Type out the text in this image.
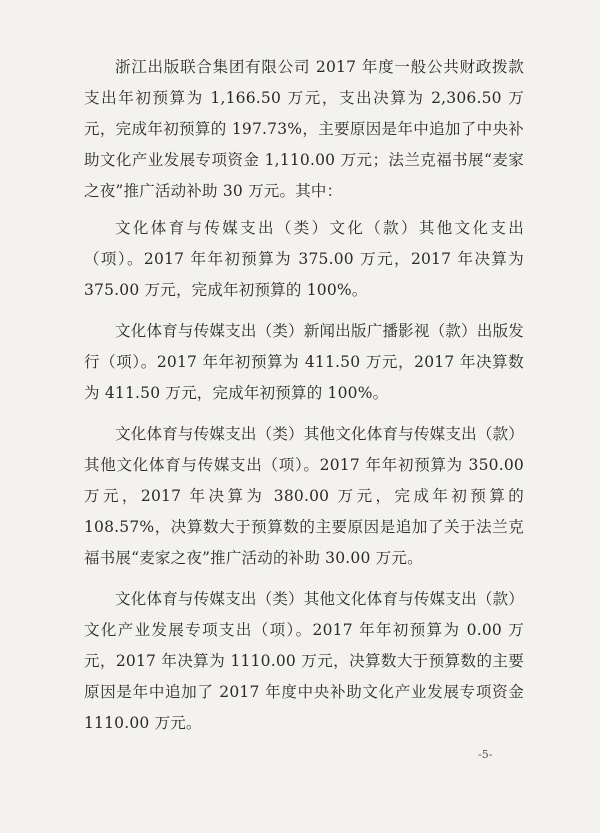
浙江出版联合集团有限公司 2017 年度一般公共财政拨款支出年初预算为 1,166.50 万元，支出决算为 2,306.50 万元，完成年初预算的 197.73%，主要原因是年中追加了中央补助文化产业发展专项资金 1,110.00 万元；法兰克福书展“麦家之夜”推广活动补助 30 万元。其中：

文化体育与传媒支出（类）文化（款）其他文化支出（项）。2017 年年初预算为 375.00 万元，2017 年决算为 375.00 万元，完成年初预算的 100%。

文化体育与传媒支出（类）新闻出版广播影视（款）出版发行（项）。2017 年年初预算为 411.50 万元，2017 年决算数为 411.50 万元，完成年初预算的 100%。

文化体育与传媒支出（类）其他文化体育与传媒支出（款）其他文化体育与传媒支出（项）。2017 年年初预算为 350.00 万元，2017 年决算为 380.00 万元，完成年初预算的 108.57%，决算数大于预算数的主要原因是追加了关于法兰克福书展“麦家之夜”推广活动的补助 30.00 万元。

文化体育与传媒支出（类）其他文化体育与传媒支出（款）文化产业发展专项支出（项）。2017 年年初预算为 0.00 万元，2017 年决算为 1110.00 万元，决算数大于预算数的主要原因是年中追加了 2017 年度中央补助文化产业发展专项资金 1110.00 万元。

-5-
